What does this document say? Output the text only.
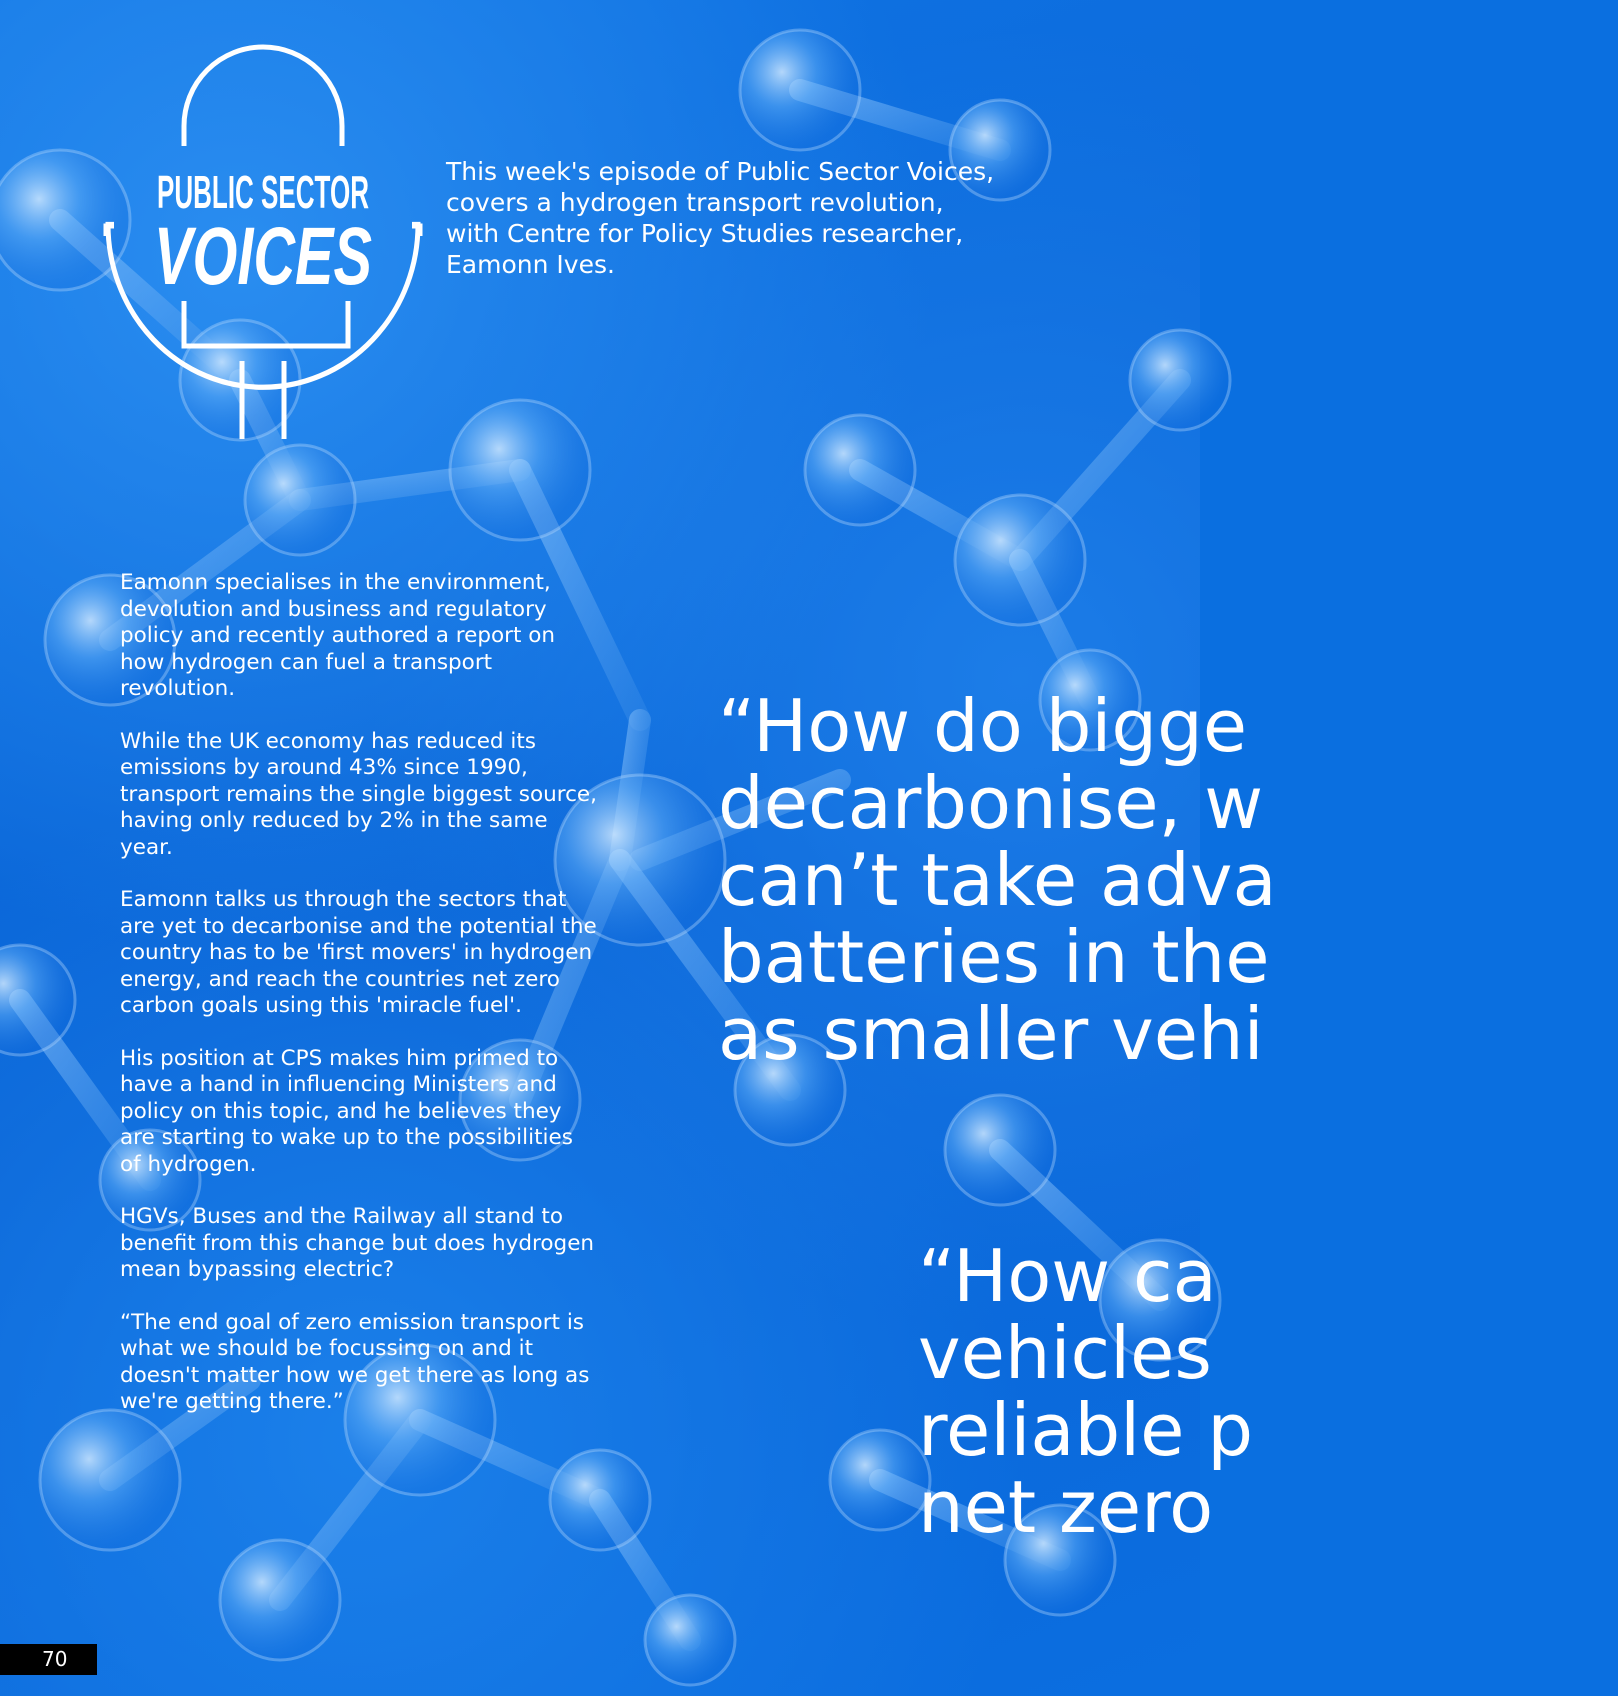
PUBLIC SECTOR
VOICES

This week's episode of Public Sector Voices,
covers a hydrogen transport revolution,
with Centre for Policy Studies researcher,
Eamonn Ives.

Eamonn specialises in the environment, devolution and business and regulatory policy and recently authored a report on how hydrogen can fuel a transport revolution.

While the UK economy has reduced its emissions by around 43% since 1990, transport remains the single biggest source, having only reduced by 2% in the same year.

Eamonn talks us through the sectors that are yet to decarbonise and the potential the country has to be 'first movers' in hydrogen energy, and reach the countries net zero carbon goals using this 'miracle fuel'.

His position at CPS makes him primed to have a hand in influencing Ministers and policy on this topic, and he believes they are starting to wake up to the possibilities of hydrogen.

HGVs, Buses and the Railway all stand to benefit from this change but does hydrogen mean bypassing electric?

“The end goal of zero emission transport is what we should be focussing on and it doesn't matter how we get there as long as we're getting there.”

“How do bigge
decarbonise, w
can’t take adva
batteries in the
as smaller vehi

“How ca
vehicles
reliable p
net zero

70
